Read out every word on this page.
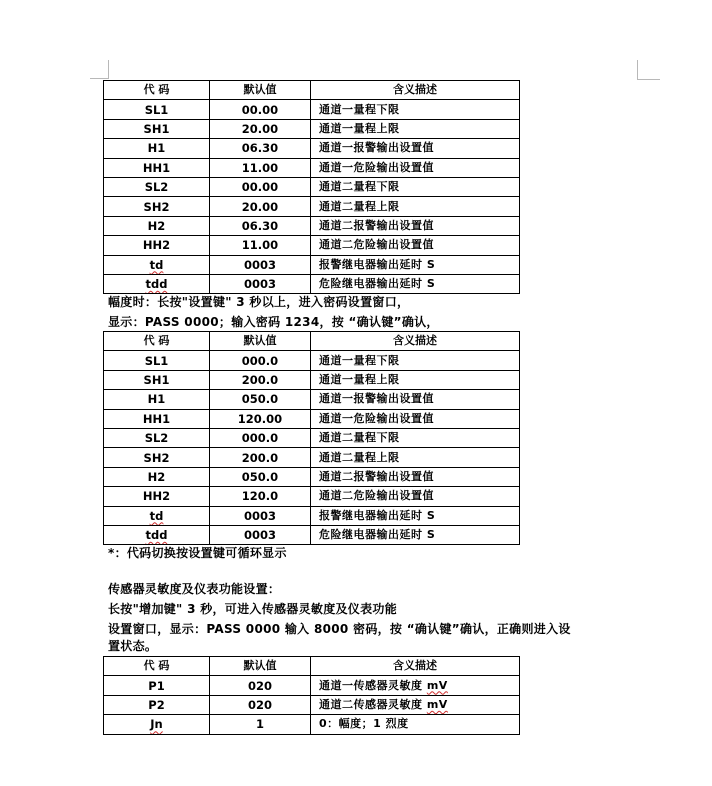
代 码	默认值	含义描述
SL1	00.00	通道一量程下限
SH1	20.00	通道一量程上限
H1	06.30	通道一报警输出设置值
HH1	11.00	通道一危险输出设置值
SL2	00.00	通道二量程下限
SH2	20.00	通道二量程上限
H2	06.30	通道二报警输出设置值
HH2	11.00	通道二危险输出设置值
td	0003	报警继电器输出延时 S
tdd	0003	危险继电器输出延时 S
幅度时：长按"设置键" 3 秒以上，进入密码设置窗口，
显示：PASS 0000；输入密码 1234，按 “确认键”确认，
代 码	默认值	含义描述
SL1	000.0	通道一量程下限
SH1	200.0	通道一量程上限
H1	050.0	通道一报警输出设置值
HH1	120.00	通道一危险输出设置值
SL2	000.0	通道二量程下限
SH2	200.0	通道二量程上限
H2	050.0	通道二报警输出设置值
HH2	120.0	通道二危险输出设置值
td	0003	报警继电器输出延时 S
tdd	0003	危险继电器输出延时 S
*：代码切换按设置键可循环显示
传感器灵敏度及仪表功能设置：
长按"增加键" 3 秒，可进入传感器灵敏度及仪表功能
设置窗口，显示：PASS 0000 输入 8000 密码，按 “确认键”确认，正确则进入设
置状态。
代 码	默认值	含义描述
P1	020	通道一传感器灵敏度 mV
P2	020	通道二传感器灵敏度 mV
Jn	1	0：幅度；1 烈度
